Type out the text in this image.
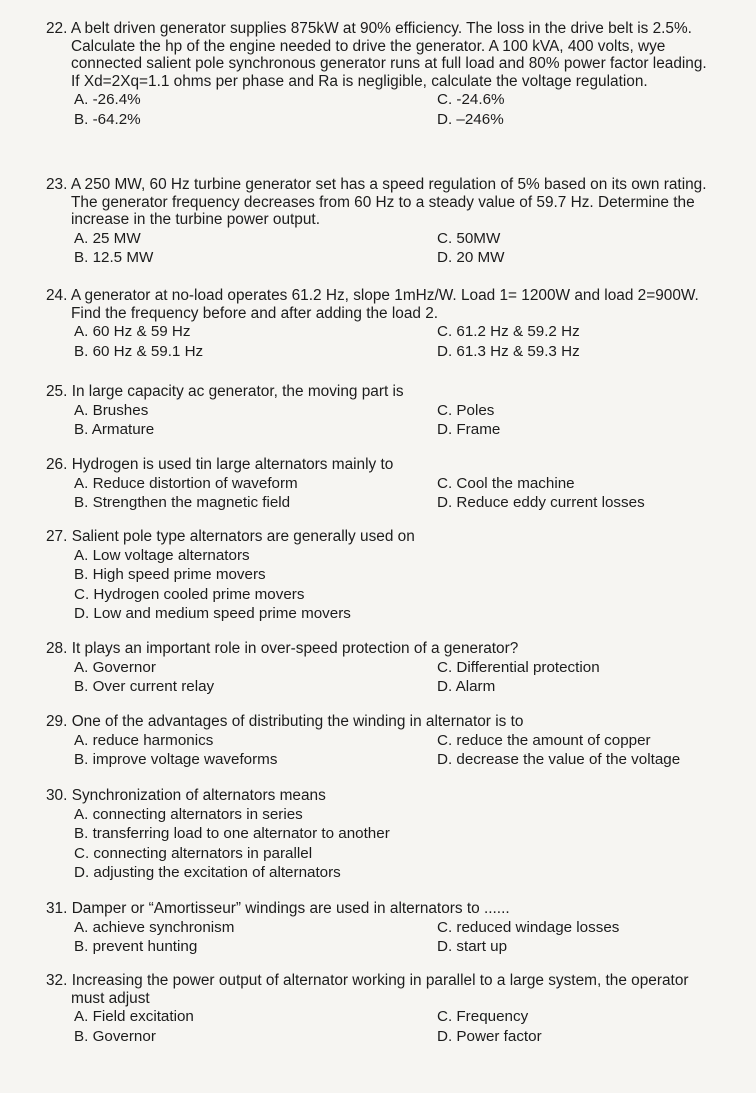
22. A belt driven generator supplies 875kW at 90% efficiency. The loss in the drive belt is 2.5%. Calculate the hp of the engine needed to drive the generator. A 100 kVA, 400 volts, wye connected salient pole synchronous generator runs at full load and 80% power factor leading. If Xd=2Xq=1.1 ohms per phase and Ra is negligible, calculate the voltage regulation.
A. -26.4%	C. -24.6%
B. -64.2%	D. –246%
23. A 250 MW, 60 Hz turbine generator set has a speed regulation of 5% based on its own rating. The generator frequency decreases from 60 Hz to a steady value of 59.7 Hz. Determine the increase in the turbine power output.
A. 25 MW	C. 50MW
B. 12.5 MW	D. 20 MW
24. A generator at no-load operates 61.2 Hz, slope 1mHz/W. Load 1= 1200W and load 2=900W. Find the frequency before and after adding the load 2.
A. 60 Hz & 59 Hz	C. 61.2 Hz & 59.2 Hz
B. 60 Hz & 59.1 Hz	D. 61.3 Hz & 59.3 Hz
25. In large capacity ac generator, the moving part is
A. Brushes	C. Poles
B. Armature	D. Frame
26. Hydrogen is used tin large alternators mainly to
A. Reduce distortion of waveform	C. Cool the machine
B. Strengthen the magnetic field	D. Reduce eddy current losses
27. Salient pole type alternators are generally used on
A. Low voltage alternators
B. High speed prime movers
C. Hydrogen cooled prime movers
D. Low and medium speed prime movers
28. It plays an important role in over-speed protection of a generator?
A. Governor	C. Differential protection
B. Over current relay	D. Alarm
29. One of the advantages of distributing the winding in alternator is to
A. reduce harmonics	C. reduce the amount of copper
B. improve voltage waveforms	D. decrease the value of the voltage
30. Synchronization of alternators means
A. connecting alternators in series
B. transferring load to one alternator to another
C. connecting alternators in parallel
D. adjusting the excitation of alternators
31. Damper or “Amortisseur” windings are used in alternators to ......
A. achieve synchronism	C. reduced windage losses
B. prevent hunting	D. start up
32. Increasing the power output of alternator working in parallel to a large system, the operator must adjust
A. Field excitation	C. Frequency
B. Governor	D. Power factor
